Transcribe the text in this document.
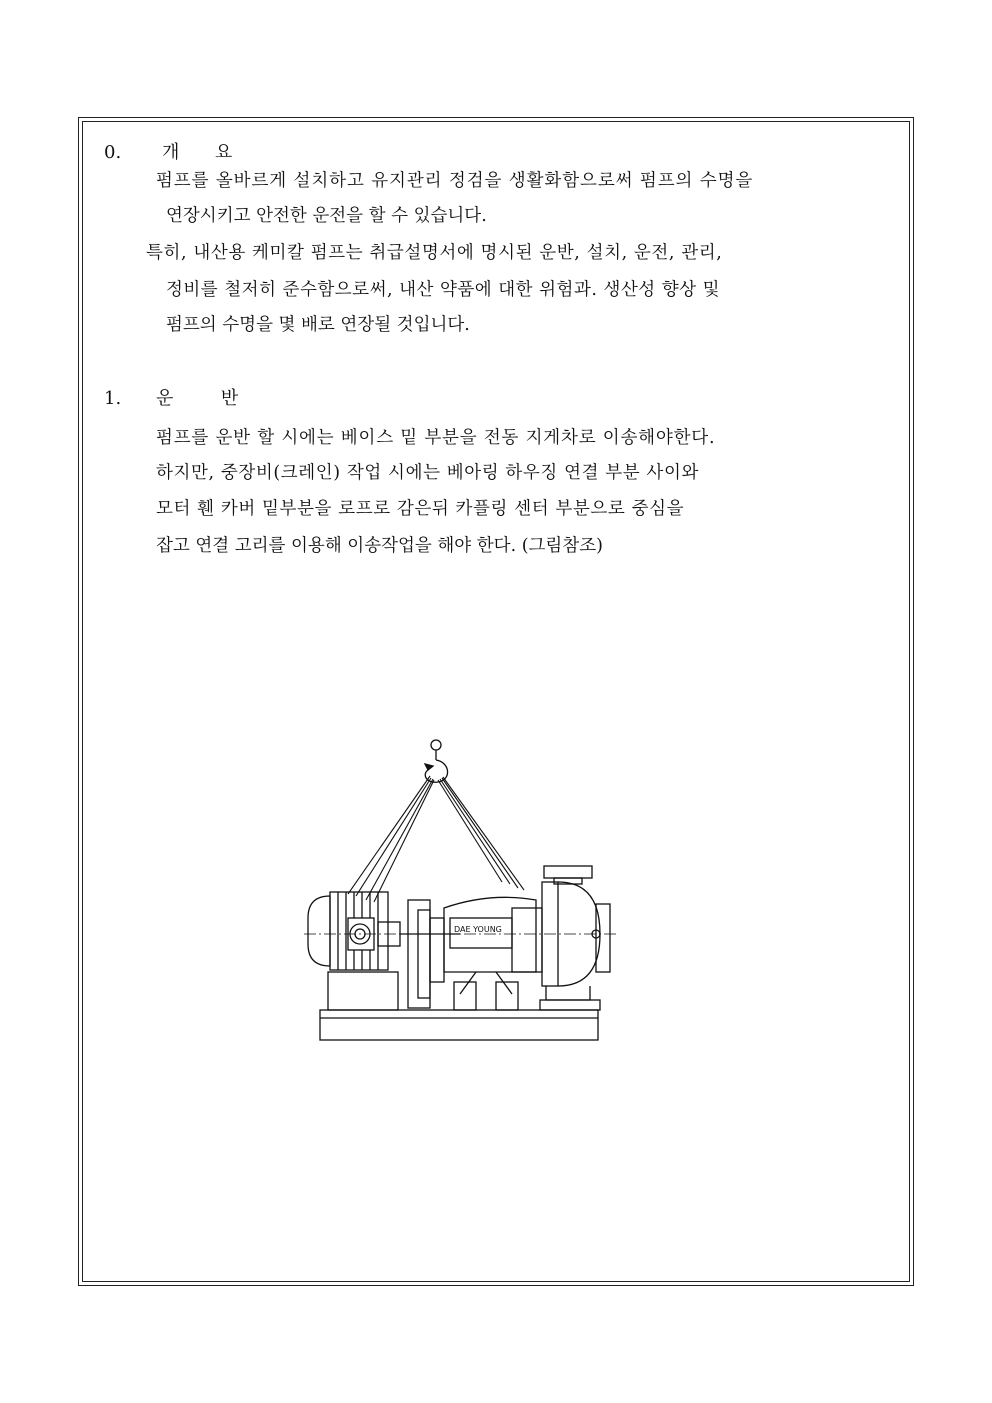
0. 개  요
펌프를 올바르게 설치하고 유지관리 정검을 생활화함으로써 펌프의 수명을
연장시키고 안전한 운전을 할 수 있습니다.
특히, 내산용 케미칼 펌프는 취급설명서에 명시된 운반, 설치, 운전, 관리,
정비를 철저히 준수함으로써, 내산 약품에 대한 위험과. 생산성 향상 및
펌프의 수명을 몇 배로 연장될 것입니다.
1. 운  반
펌프를 운반 할 시에는 베이스 밑 부분을 전동 지게차로 이송해야한다.
하지만, 중장비(크레인) 작업 시에는 베아링 하우징 연결 부분 사이와
모터 휀 카버 밑부분을 로프로 감은뒤 카플링 센터 부분으로 중심을
잡고 연결 고리를 이용해 이송작업을 해야 한다. (그림참조)
DAE YOUNG
